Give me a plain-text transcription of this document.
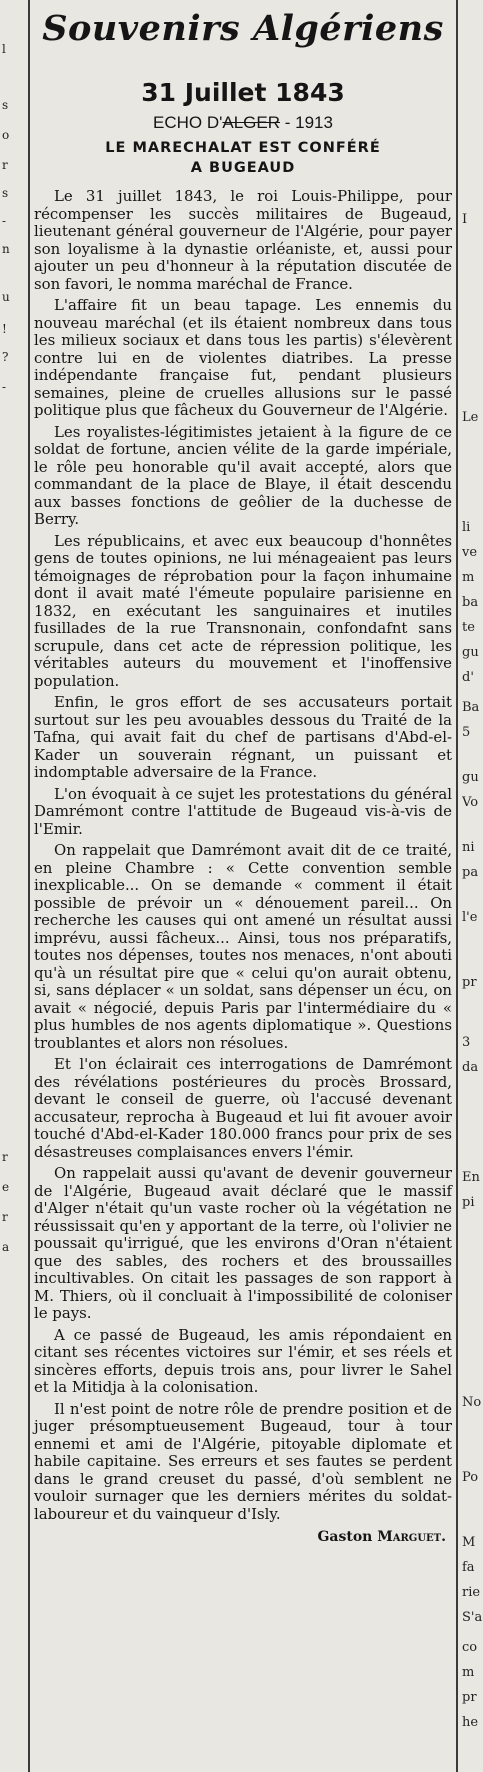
l
s
o
r
s
-
n
u
!
?
-
r
e
r
a
I
Le
li
ve
m
ba
te
gu
d'
Ba
5
gu
Vo
ni
pa
l'e
pr
3
da
En
pi
No
Po
M
fa
rie
S'a
co
m
pr
he
Souvenirs Algériens
31 Juillet 1843
ECHO D'ALGER - 1913
LE MARECHALAT EST CONFÉRÉ
A BUGEAUD

Le 31 juillet 1843, le roi Louis-Philippe, pour récompenser les succès militaires de Bugeaud, lieutenant général gouverneur de l'Algérie, pour payer son loyalisme à la dynastie orléaniste, et, aussi pour ajouter un peu d'honneur à la réputation discutée de son favori, le nomma maréchal de France.

L'affaire fit un beau tapage. Les ennemis du nouveau maréchal (et ils étaient nombreux dans tous les milieux sociaux et dans tous les partis) s'élevèrent contre lui en de violentes diatribes. La presse indépendante française fut, pendant plusieurs semaines, pleine de cruelles allusions sur le passé politique plus que fâcheux du Gouverneur de l'Algérie.

Les royalistes-légitimistes jetaient à la figure de ce soldat de fortune, ancien vélite de la garde impériale, le rôle peu honorable qu'il avait accepté, alors que commandant de la place de Blaye, il était descendu aux basses fonctions de geôlier de la duchesse de Berry.

Les républicains, et avec eux beaucoup d'honnêtes gens de toutes opinions, ne lui ménageaient pas leurs témoignages de réprobation pour la façon inhumaine dont il avait maté l'émeute populaire parisienne en 1832, en exécutant les sanguinaires et inutiles fusillades de la rue Transnonain, confondafnt sans scrupule, dans cet acte de répression politique, les véritables auteurs du mouvement et l'inoffensive population.

Enfin, le gros effort de ses accusateurs portait surtout sur les peu avouables dessous du Traité de la Tafna, qui avait fait du chef de partisans d'Abd-el-Kader un souverain régnant, un puissant et indomptable adversaire de la France.

L'on évoquait à ce sujet les protestations du général Damrémont contre l'attitude de Bugeaud vis-à-vis de l'Emir.

On rappelait que Damrémont avait dit de ce traité, en pleine Chambre : « Cette convention semble inexplicable... On se demande « comment il était possible de prévoir un « dénouement pareil... On recherche les causes qui ont amené un résultat aussi imprévu, aussi fâcheux... Ainsi, tous nos préparatifs, toutes nos dépenses, toutes nos menaces, n'ont abouti qu'à un résultat pire que « celui qu'on aurait obtenu, si, sans déplacer « un soldat, sans dépenser un écu, on avait « négocié, depuis Paris par l'intermédiaire du « plus humbles de nos agents diplomatique ». Questions troublantes et alors non résolues.

Et l'on éclairait ces interrogations de Damrémont des révélations postérieures du procès Brossard, devant le conseil de guerre, où l'accusé devenant accusateur, reprocha à Bugeaud et lui fit avouer avoir touché d'Abd-el-Kader 180.000 francs pour prix de ses désastreuses complaisances envers l'émir.

On rappelait aussi qu'avant de devenir gouverneur de l'Algérie, Bugeaud avait déclaré que le massif d'Alger n'était qu'un vaste rocher où la végétation ne réussissait qu'en y apportant de la terre, où l'olivier ne poussait qu'irrigué, que les environs d'Oran n'étaient que des sables, des rochers et des broussailles incultivables. On citait les passages de son rapport à M. Thiers, où il concluait à l'impossibilité de coloniser le pays.

A ce passé de Bugeaud, les amis répondaient en citant ses récentes victoires sur l'émir, et ses réels et sincères efforts, depuis trois ans, pour livrer le Sahel et la Mitidja à la colonisation.

Il n'est point de notre rôle de prendre position et de juger présomptueusement Bugeaud, tour à tour ennemi et ami de l'Algérie, pitoyable diplomate et habile capitaine. Ses erreurs et ses fautes se perdent dans le grand creuset du passé, d'où semblent ne vouloir surnager que les derniers mérites du soldat-laboureur et du vainqueur d'Isly.

Gaston Marguet.
